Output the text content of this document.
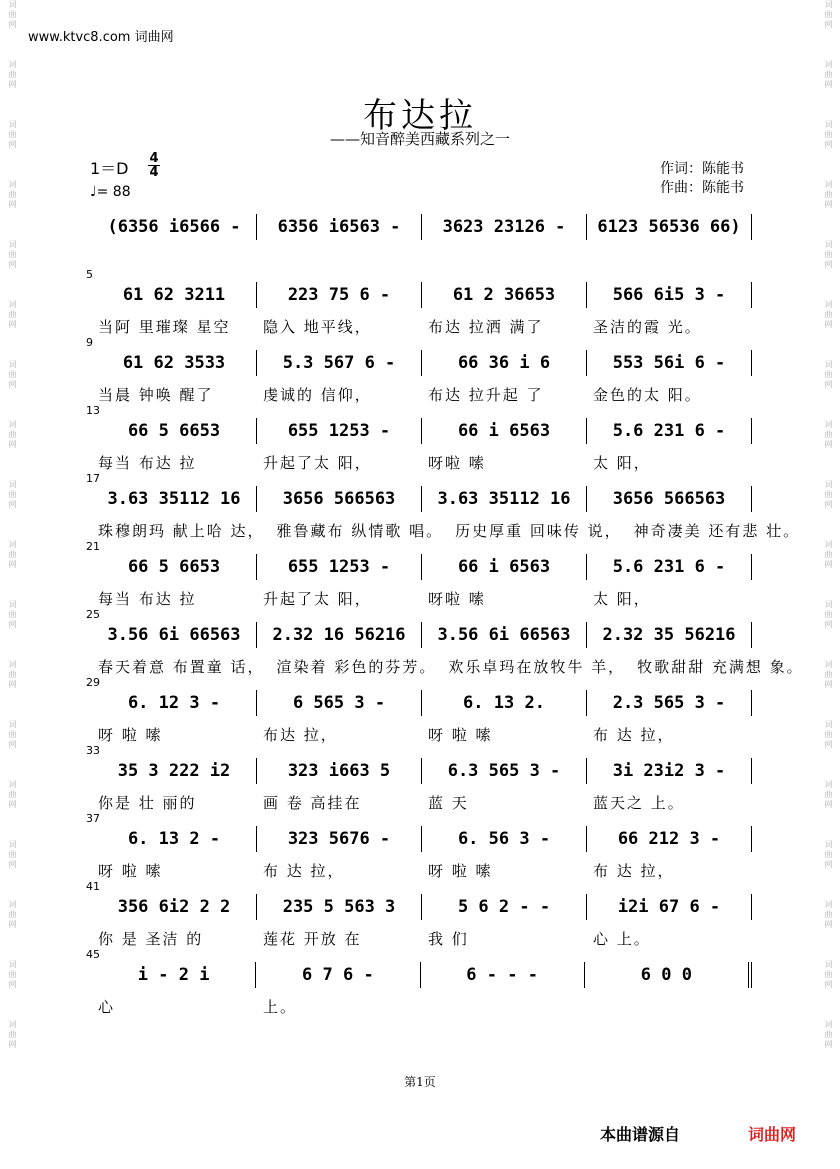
词曲网
词曲网
词曲网
词曲网
词曲网
词曲网
词曲网
词曲网
词曲网
词曲网
词曲网
词曲网
词曲网
词曲网
词曲网
词曲网
词曲网
词曲网
词曲网
词曲网
词曲网
词曲网
词曲网
词曲网
词曲网
词曲网
词曲网
词曲网
词曲网
词曲网
词曲网
词曲网
词曲网
词曲网
词曲网
词曲网
www.ktvc8.com 词曲网
布达拉
——知音醉美西藏系列之一
1＝D
4
4
♩= 88
作词：陈能书
作曲：陈能书
(6356 i6566 -	6356 i6563 -	3623 23126 -	6123 56536 66)
5
61 62 3211	223 75 6 -	61 2 36653	566 6i5 3 -
当阿 里璀璨 星空	隐入 地平线，	布达 拉洒 满了	圣洁的霞 光。
9
61 62 3533	5.3 567 6 -	66 36 i 6	553 56i 6 -
当晨 钟唤 醒了	虔诚的 信仰，	布达 拉升起 了	金色的太 阳。
13
66 5 6653	655 1253 -	66 i 6563	5.6 231 6 -
每当 布达 拉	升起了太 阳，	呀啦 嗦	太 阳，
17
3.63 35112 16	3656 566563	3.63 35112 16	3656 566563
珠穆朗玛 献上哈 达， 雅鲁藏布 纵情歌 唱。 历史厚重 回味传 说， 神奇凄美 还有悲 壮。
21
66 5 6653	655 1253 -	66 i 6563	5.6 231 6 -
每当 布达 拉	升起了太 阳，	呀啦 嗦	太 阳，
25
3.56 6i 66563	2.32 16 56216	3.56 6i 66563	2.32 35 56216
春天着意 布置童 话， 渲染着 彩色的芬芳。 欢乐卓玛在放牧牛 羊， 牧歌甜甜 充满想 象。
29
6. 12 3 -	6 565 3 -	6. 13 2.	2.3 565 3 -
呀 啦 嗦	布达 拉，	呀 啦 嗦	布 达 拉，
33
35 3 222 i2	323 i663 5	6.3 565 3 -	3i 23i2 3 -
你是 壮 丽的	画 卷 高挂在	蓝 天	蓝天之 上。
37
6. 13 2 -	323 5676 -	6. 56 3 -	66 212 3 -
呀 啦 嗦	布 达 拉，	呀 啦 嗦	布 达 拉，
41
356 6i2 2 2	235 5 563 3	5 6 2 - -	i2i 67 6 -
你 是 圣洁 的	莲花 开放 在	我 们	心 上。
45
i - 2 i	6 7 6 -	6 - - -	6 0 0
心	上。
第1页
本曲谱源自	词曲网
